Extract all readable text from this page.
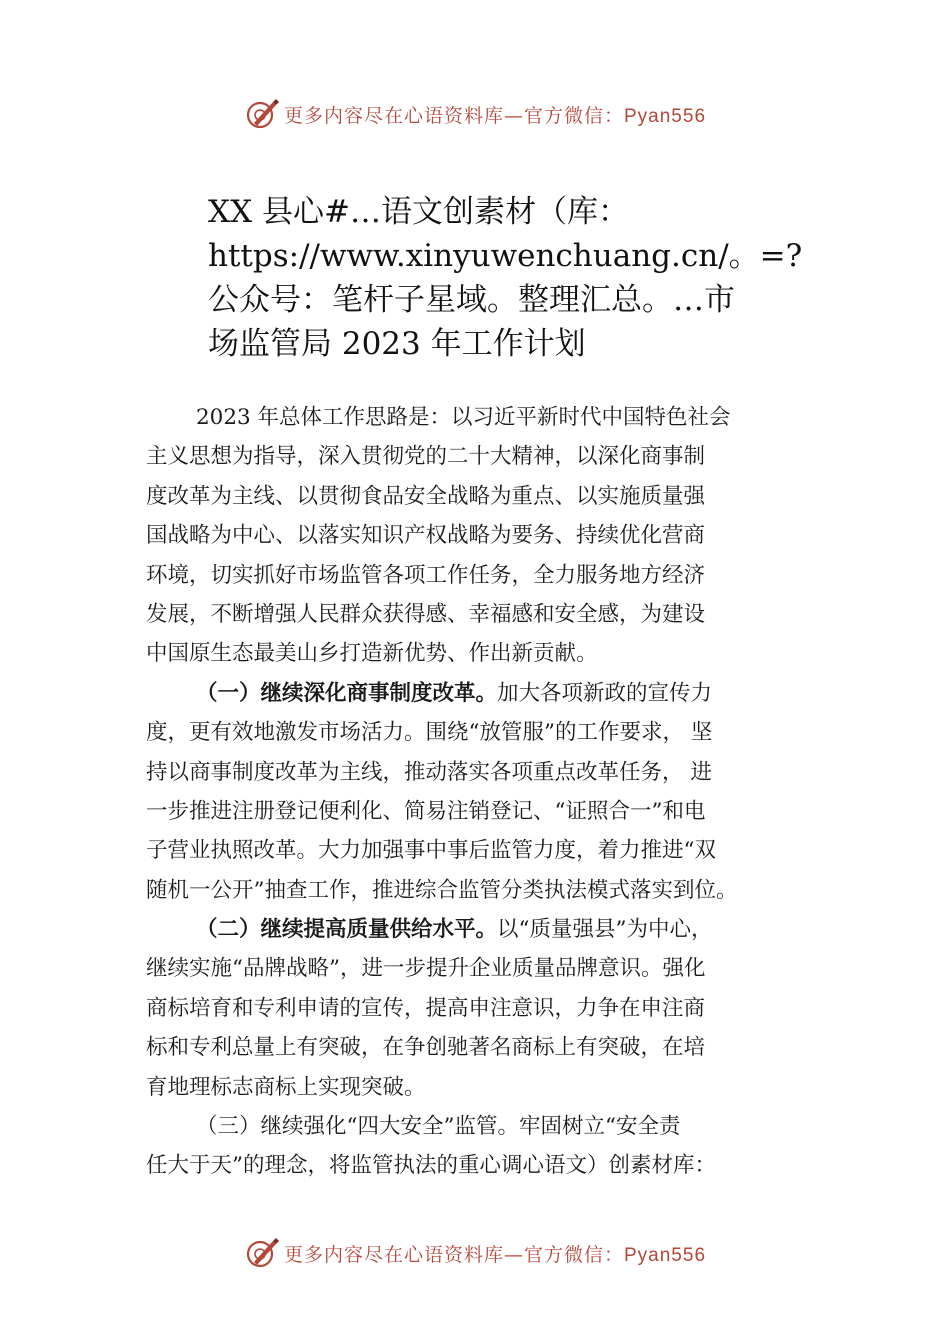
更多内容尽在心语资料库—官方微信：Pyan556
XX 县心#…语文创素材（库：
https://www.xinyuwenchuang.cn/。=?
公众号：笔杆子星域。整理汇总。…市
场监管局 2023 年工作计划
2023 年总体工作思路是：以习近平新时代中国特色社会
主义思想为指导，深入贯彻党的二十大精神，以深化商事制
度改革为主线、以贯彻食品安全战略为重点、以实施质量强
国战略为中心、以落实知识产权战略为要务、持续优化营商
环境，切实抓好市场监管各项工作任务，全力服务地方经济
发展，不断增强人民群众获得感、幸福感和安全感，为建设
中国原生态最美山乡打造新优势、作出新贡献。
（一）继续深化商事制度改革。加大各项新政的宣传力
度，更有效地激发市场活力。围绕“放管服”的工作要求， 坚
持以商事制度改革为主线，推动落实各项重点改革任务， 进
一步推进注册登记便利化、简易注销登记、“证照合一”和电
子营业执照改革。大力加强事中事后监管力度，着力推进“双
随机一公开”抽查工作，推进综合监管分类执法模式落实到位。
（二）继续提高质量供给水平。以“质量强县”为中心，
继续实施“品牌战略”，进一步提升企业质量品牌意识。强化
商标培育和专利申请的宣传，提高申注意识，力争在申注商
标和专利总量上有突破，在争创驰著名商标上有突破，在培
育地理标志商标上实现突破。
（三）继续强化“四大安全”监管。牢固树立“安全责
任大于天”的理念，将监管执法的重心调心语文）创素材库：
更多内容尽在心语资料库—官方微信：Pyan556
